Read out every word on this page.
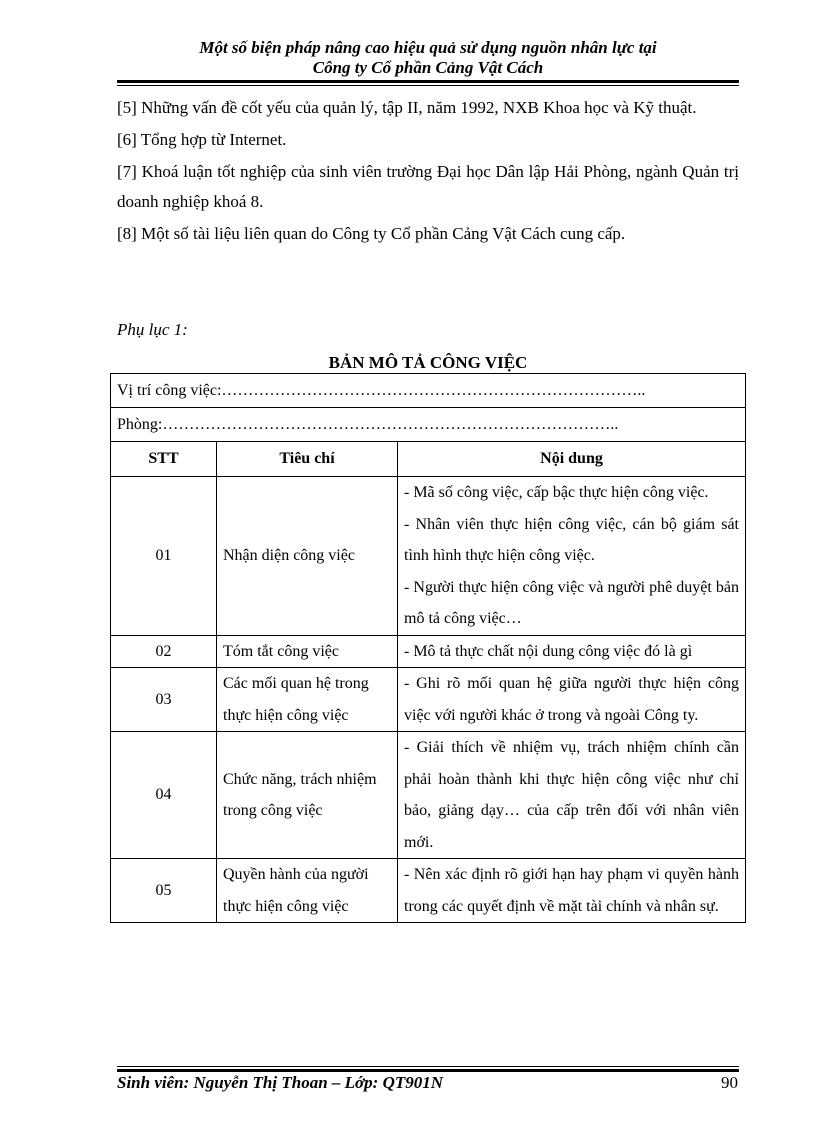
Một số biện pháp nâng cao hiệu quả sử dụng nguồn nhân lực tại
Công ty Cổ phần Cảng Vật Cách

[5] Những vấn đề cốt yếu của quản lý, tập II, năm 1992, NXB Khoa học và Kỹ thuật.

[6] Tổng hợp từ Internet.

[7] Khoá luận tốt nghiệp của sinh viên trường Đại học Dân lập Hải Phòng, ngành Quản trị doanh nghiệp khoá 8.

[8] Một số tài liệu liên quan do Công ty Cổ phần Cảng Vật Cách cung cấp.

Phụ lục 1:
BẢN MÔ TẢ CÔNG VIỆC
Vị trí công việc:……………………………………………………………………..		
Phòng:…………………………………………………………………………..		
STT	Tiêu chí	Nội dung
01	Nhận diện công việc	- Mã số công việc, cấp bậc thực hiện công việc.
- Nhân viên thực hiện công việc, cán bộ giám sát tình hình thực hiện công việc.
- Người thực hiện công việc và người phê duyệt bản mô tả công việc…

02	Tóm tắt công việc	- Mô tả thực chất nội dung công việc đó là gì

03	Các mối quan hệ trong thực hiện công việc	- Ghi rõ mối quan hệ giữa người thực hiện công việc với người khác ở trong và ngoài Công ty.

04	Chức năng, trách nhiệm trong công việc	- Giải thích về nhiệm vụ, trách nhiệm chính cần phải hoàn thành khi thực hiện công việc như chỉ bảo, giảng dạy… của cấp trên đối với nhân viên mới.

05	Quyền hành của người thực hiện công việc	- Nên xác định rõ giới hạn hay phạm vi quyền hành trong các quyết định về mặt tài chính và nhân sự.
Sinh viên: Nguyễn Thị Thoan – Lớp: QT901N	90
